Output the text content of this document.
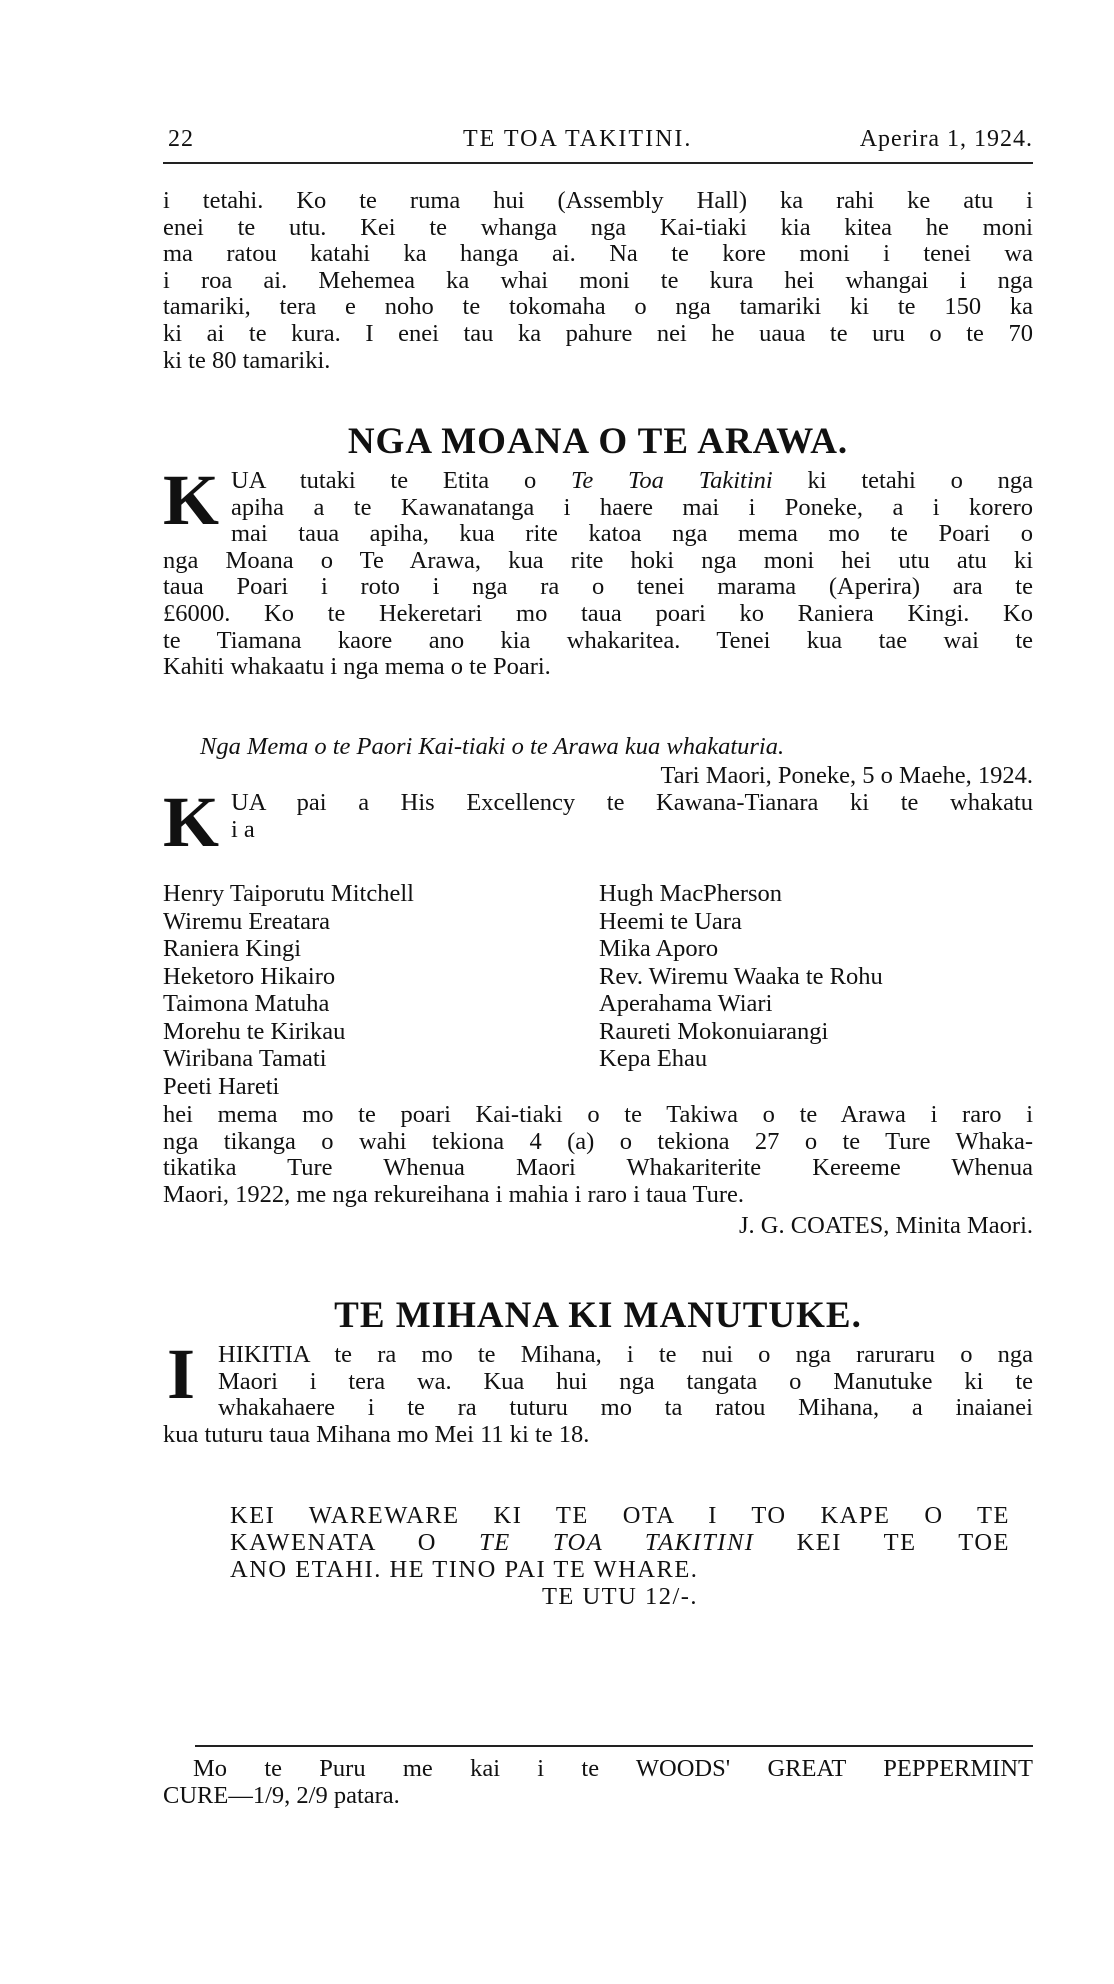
22	TE TOA TAKITINI.	Aperira 1, 1924.

i tetahi. Ko te ruma hui (Assembly Hall) ka rahi ke atu i

enei te utu. Kei te whanga nga Kai-tiaki kia kitea he moni

ma ratou katahi ka hanga ai. Na te kore moni i tenei wa

i roa ai. Mehemea ka whai moni te kura hei whangai i nga

tamariki, tera e noho te tokomaha o nga tamariki ki te 150 ka

ki ai te kura. I enei tau ka pahure nei he uaua te uru o te 70

ki te 80 tamariki.

NGA MOANA O TE ARAWA.
K UA tutaki te Etita o Te Toa Takitini ki tetahi o nga

apiha a te Kawanatanga i haere mai i Poneke, a i korero

mai taua apiha, kua rite katoa nga mema mo te Poari o

nga Moana o Te Arawa, kua rite hoki nga moni hei utu atu ki

taua Poari i roto i nga ra o tenei marama (Aperira) ara te

£6000. Ko te Hekeretari mo taua poari ko Raniera Kingi. Ko

te Tiamana kaore ano kia whakaritea. Tenei kua tae wai te

Kahiti whakaatu i nga mema o te Poari.

Nga Mema o te Paori Kai-tiaki o te Arawa kua whakaturia.
Tari Maori, Poneke, 5 o Maehe, 1924.
K UA pai a His Excellency te Kawana-Tianara ki te whakatu

i a

Henry Taiporutu Mitchell
Wiremu Ereatara
Raniera Kingi
Heketoro Hikairo
Taimona Matuha
Morehu te Kirikau
Wiribana Tamati
Peeti Hareti
Hugh MacPherson
Heemi te Uara
Mika Aporo
Rev. Wiremu Waaka te Rohu
Aperahama Wiari
Raureti Mokonuiarangi
Kepa Ehau

hei mema mo te poari Kai-tiaki o te Takiwa o te Arawa i raro i

nga tikanga o wahi tekiona 4 (a) o tekiona 27 o te Ture Whaka-

tikatika Ture Whenua Maori Whakariterite Kereeme Whenua

Maori, 1922, me nga rekureihana i mahia i raro i taua Ture.

J. G. COATES, Minita Maori.
TE MIHANA KI MANUTUKE.
I HIKITIA te ra mo te Mihana, i te nui o nga raruraru o nga

Maori i tera wa. Kua hui nga tangata o Manutuke ki te

whakahaere i te ra tuturu mo ta ratou Mihana, a inaianei

kua tuturu taua Mihana mo Mei 11 ki te 18.

KEI WAREWARE KI TE OTA I TO KAPE O TE

KAWENATA O TE TOA TAKITINI KEI TE TOE

ANO ETAHI. HE TINO PAI TE WHARE.

TE UTU 12/-.

Mo te Puru me kai i te WOODS' GREAT PEPPERMINT

CURE—1/9, 2/9 patara.
